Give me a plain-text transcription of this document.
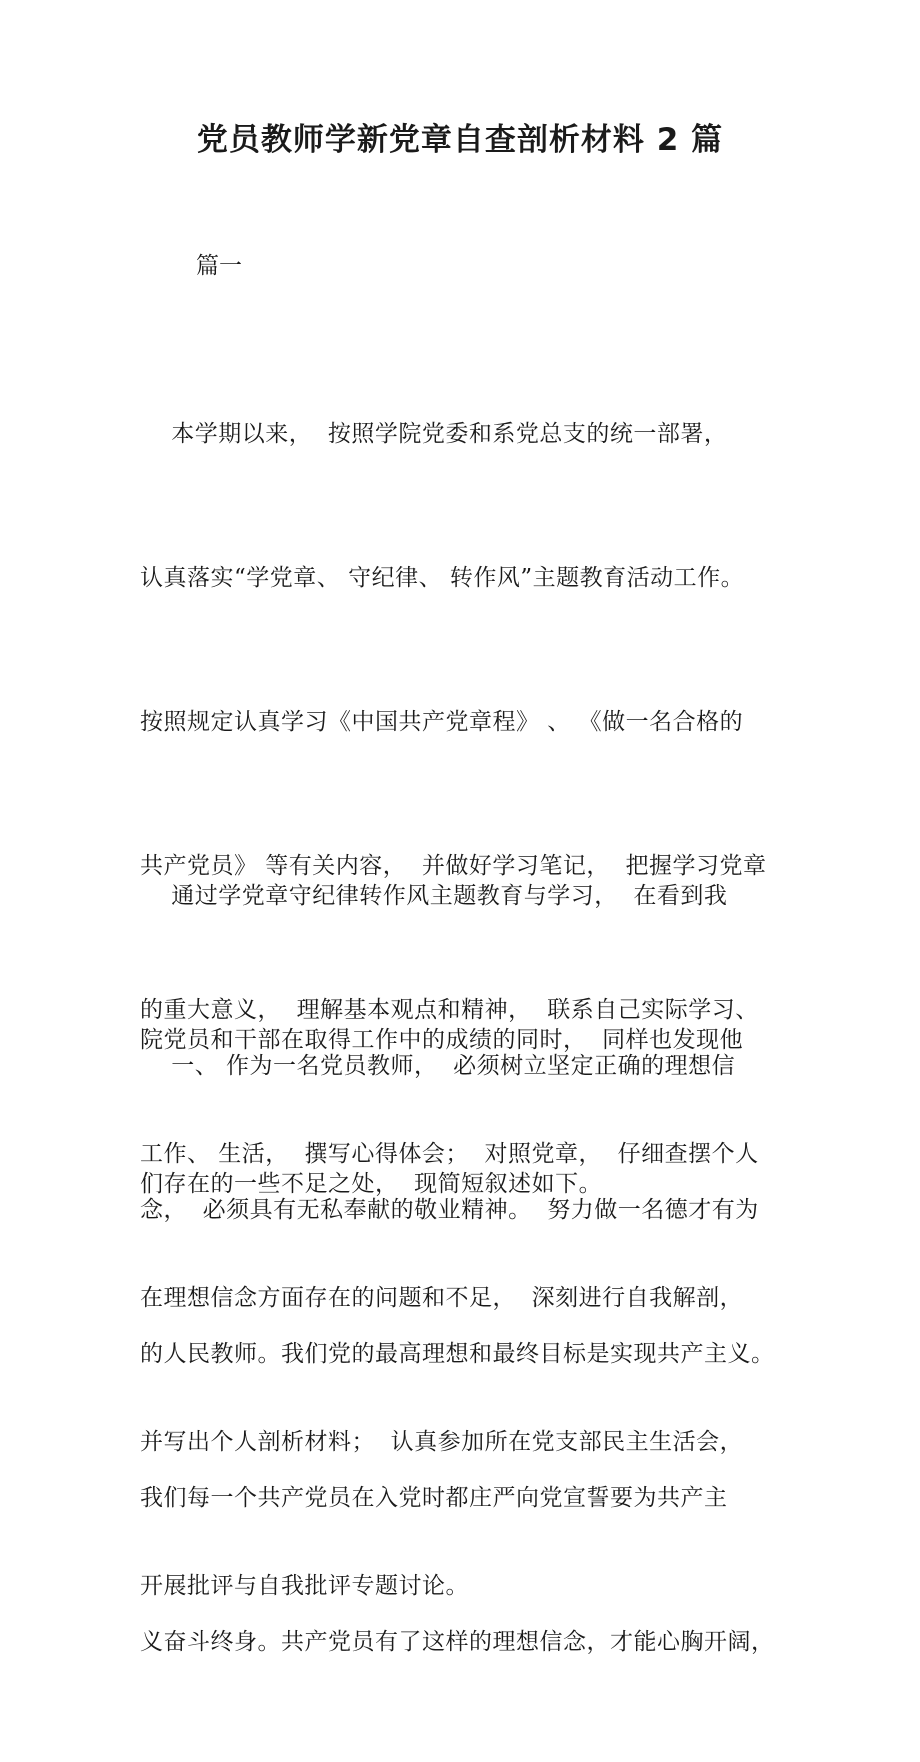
党员教师学新党章自查剖析材料 2 篇

篇一

本学期以来，  按照学院党委和系党总支的统一部署，

认真落实“学党章、 守纪律、 转作风”主题教育活动工作。

按照规定认真学习《中国共产党章程》 、 《做一名合格的

共产党员》 等有关内容，  并做好学习笔记，  把握学习党章

的重大意义，  理解基本观点和精神，  联系自己实际学习、

工作、 生活，  撰写心得体会；  对照党章，  仔细查摆个人

在理想信念方面存在的问题和不足，  深刻进行自我解剖，

并写出个人剖析材料；  认真参加所在党支部民主生活会，

开展批评与自我批评专题讨论。

通过学党章守纪律转作风主题教育与学习，  在看到我

院党员和干部在取得工作中的成绩的同时，  同样也发现他

们存在的一些不足之处，  现简短叙述如下。

一、 作为一名党员教师，  必须树立坚定正确的理想信

念，  必须具有无私奉献的敬业精神。  努力做一名德才有为

的人民教师。我们党的最高理想和最终目标是实现共产主义。

我们每一个共产党员在入党时都庄严向党宣誓要为共产主

义奋斗终身。共产党员有了这样的理想信念，才能心胸开阔，
